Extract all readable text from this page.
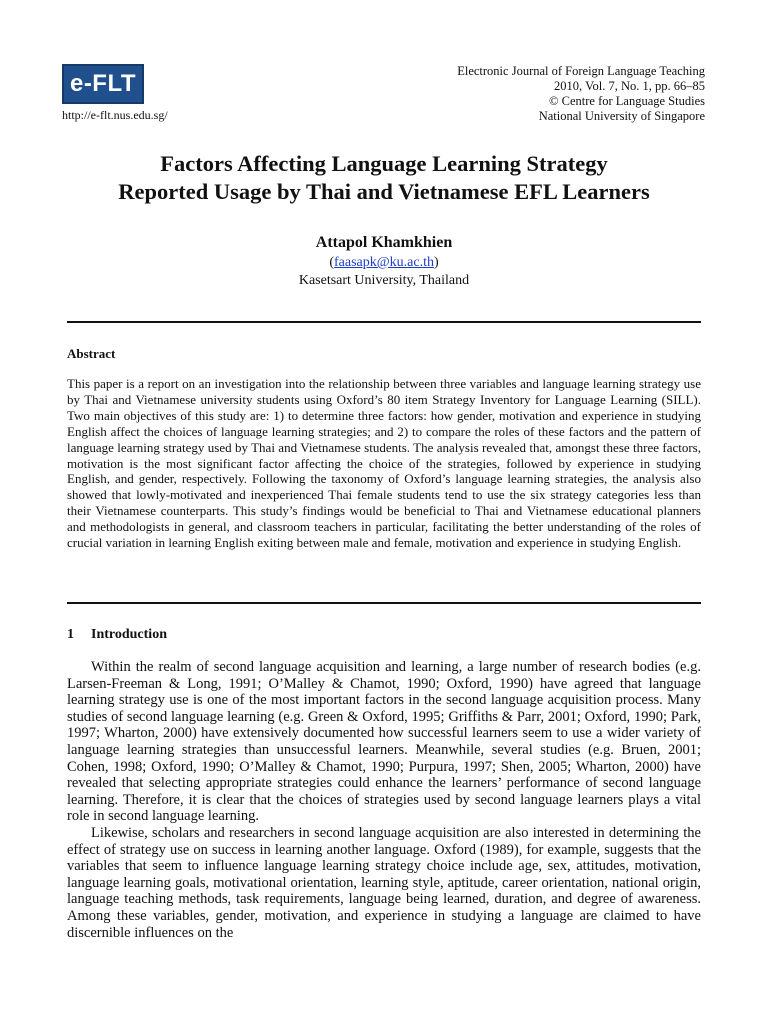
e-FLT
http://e-flt.nus.edu.sg/
Electronic Journal of Foreign Language Teaching
2010, Vol. 7, No. 1, pp. 66–85
© Centre for Language Studies
National University of Singapore
Factors Affecting Language Learning Strategy
Reported Usage by Thai and Vietnamese EFL Learners
Attapol Khamkhien
(faasapk@ku.ac.th)
Kasetsart University, Thailand
Abstract
This paper is a report on an investigation into the relationship between three variables and language learning strategy use by Thai and Vietnamese university students using Oxford’s 80 item Strategy Inventory for Language Learning (SILL). Two main objectives of this study are: 1) to determine three factors: how gender, motivation and experience in studying English affect the choices of language learning strategies; and 2) to compare the roles of these factors and the pattern of language learning strategy used by Thai and Vietnamese students. The analysis revealed that, amongst these three factors, motivation is the most significant factor affecting the choice of the strategies, followed by experience in studying English, and gender, respectively. Following the taxonomy of Oxford’s language learning strategies, the analysis also showed that lowly-motivated and inexperienced Thai female students tend to use the six strategy categories less than their Vietnamese counterparts. This study’s findings would be beneficial to Thai and Vietnamese educational planners and methodologists in general, and classroom teachers in particular, facilitating the better understanding of the roles of crucial variation in learning English exiting between male and female, motivation and experience in studying English.
1 Introduction

Within the realm of second language acquisition and learning, a large number of research bodies (e.g. Larsen-Freeman & Long, 1991; O’Malley & Chamot, 1990; Oxford, 1990) have agreed that language learning strategy use is one of the most important factors in the second language acquisition process. Many studies of second language learning (e.g. Green & Oxford, 1995; Griffiths & Parr, 2001; Oxford, 1990; Park, 1997; Wharton, 2000) have extensively documented how successful learners seem to use a wider variety of language learning strategies than unsuccessful learners. Meanwhile, several studies (e.g. Bruen, 2001; Cohen, 1998; Oxford, 1990; O’Malley & Chamot, 1990; Purpura, 1997; Shen, 2005; Wharton, 2000) have revealed that selecting appropriate strategies could enhance the learners’ performance of second language learning. Therefore, it is clear that the choices of strategies used by second language learners plays a vital role in second language learning.

Likewise, scholars and researchers in second language acquisition are also interested in determining the effect of strategy use on success in learning another language. Oxford (1989), for example, suggests that the variables that seem to influence language learning strategy choice include age, sex, attitudes, motivation, language learning goals, motivational orientation, learning style, aptitude, career orientation, national origin, language teaching methods, task requirements, language being learned, duration, and degree of awareness. Among these variables, gender, motivation, and experience in studying a language are claimed to have discernible influences on the
